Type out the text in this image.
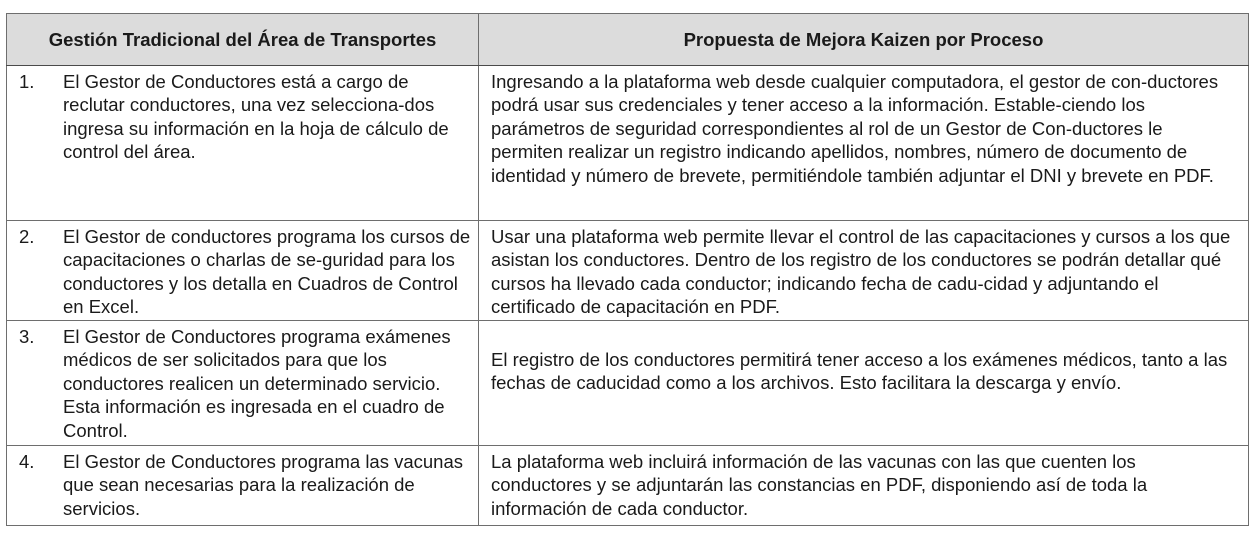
Gestión Tradicional del Área de Transportes	Propuesta de Mejora Kaizen por Proceso

1. El Gestor de Conductores está a cargo de reclutar conductores, una vez selecciona-dos ingresa su información en la hoja de cálculo de control del área.	Ingresando a la plataforma web desde cualquier computadora, el gestor de con-ductores podrá usar sus credenciales y tener acceso a la información. Estable-ciendo los parámetros de seguridad correspondientes al rol de un Gestor de Con-ductores le permiten realizar un registro indicando apellidos, nombres, número de documento de identidad y número de brevete, permitiéndole también adjuntar el DNI y brevete en PDF.

2. El Gestor de conductores programa los cursos de capacitaciones o charlas de se-guridad para los conductores y los detalla en Cuadros de Control en Excel.	Usar una plataforma web permite llevar el control de las capacitaciones y cursos a los que asistan los conductores. Dentro de los registro de los conductores se podrán detallar qué cursos ha llevado cada conductor; indicando fecha de cadu-cidad y adjuntando el certificado de capacitación en PDF.

3. El Gestor de Conductores programa exámenes médicos de ser solicitados para que los conductores realicen un determinado servicio. Esta información es ingresada en el cuadro de Control.	El registro de los conductores permitirá tener acceso a los exámenes médicos, tanto a las fechas de caducidad como a los archivos. Esto facilitara la descarga y envío.

4. El Gestor de Conductores programa las vacunas que sean necesarias para la realización de servicios.	La plataforma web incluirá información de las vacunas con las que cuenten los conductores y se adjuntarán las constancias en PDF, disponiendo así de toda la información de cada conductor.
